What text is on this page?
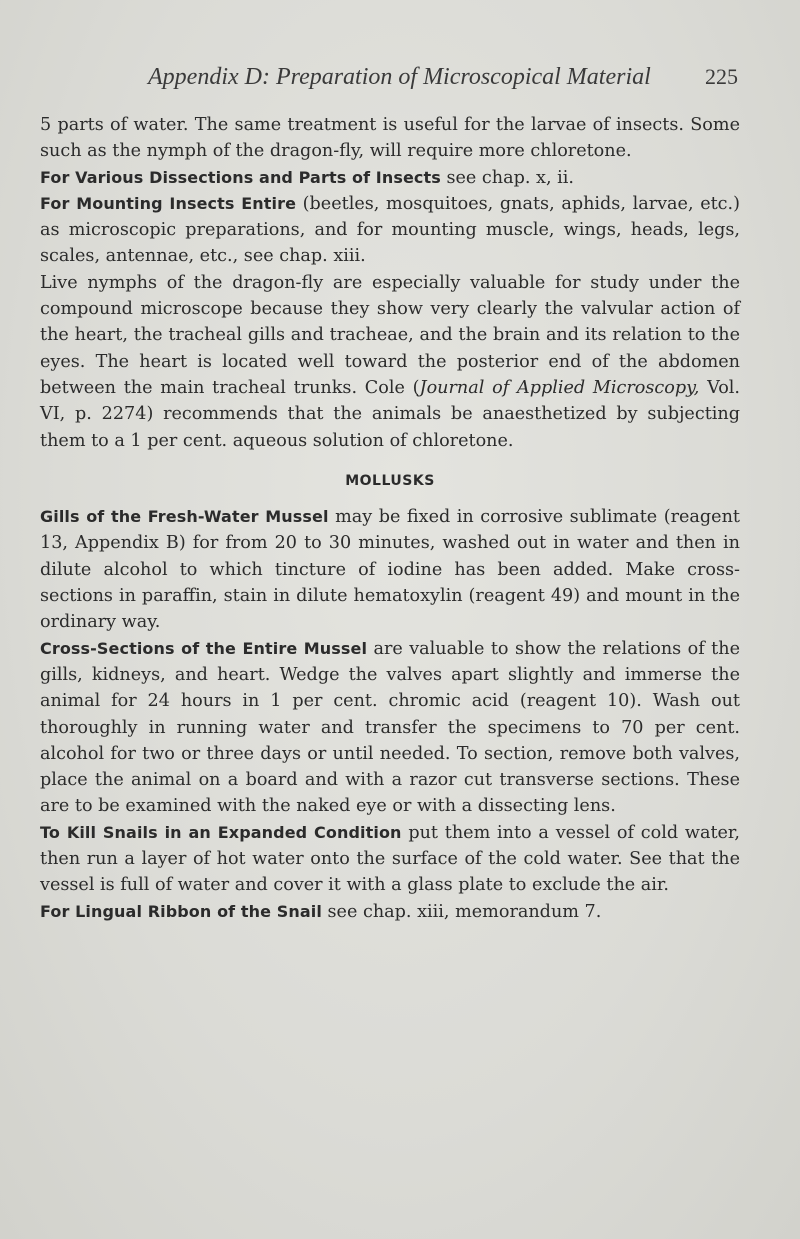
Appendix D: Preparation of Microscopical Material 225

5 parts of water. The same treatment is useful for the larvae of insects. Some such as the nymph of the dragon-fly, will require more chloretone.

For Various Dissections and Parts of Insects see chap. x, ii.

For Mounting Insects Entire (beetles, mosquitoes, gnats, aphids, larvae, etc.) as microscopic preparations, and for mounting muscle, wings, heads, legs, scales, antennae, etc., see chap. xiii.

Live nymphs of the dragon-fly are especially valuable for study under the compound microscope because they show very clearly the valvular action of the heart, the tracheal gills and tracheae, and the brain and its relation to the eyes. The heart is located well toward the posterior end of the abdomen between the main tracheal trunks. Cole (Journal of Applied Microscopy, Vol. VI, p. 2274) recommends that the animals be anaesthetized by subjecting them to a 1 per cent. aqueous solution of chloretone.

MOLLUSKS

Gills of the Fresh-Water Mussel may be fixed in corrosive sublimate (reagent 13, Appendix B) for from 20 to 30 minutes, washed out in water and then in dilute alcohol to which tincture of iodine has been added. Make cross-sections in paraffin, stain in dilute hematoxylin (reagent 49) and mount in the ordinary way.

Cross-Sections of the Entire Mussel are valuable to show the relations of the gills, kidneys, and heart. Wedge the valves apart slightly and immerse the animal for 24 hours in 1 per cent. chromic acid (reagent 10). Wash out thoroughly in running water and transfer the specimens to 70 per cent. alcohol for two or three days or until needed. To section, remove both valves, place the animal on a board and with a razor cut transverse sections. These are to be examined with the naked eye or with a dissecting lens.

To Kill Snails in an Expanded Condition put them into a vessel of cold water, then run a layer of hot water onto the surface of the cold water. See that the vessel is full of water and cover it with a glass plate to exclude the air.

For Lingual Ribbon of the Snail see chap. xiii, memorandum 7.
